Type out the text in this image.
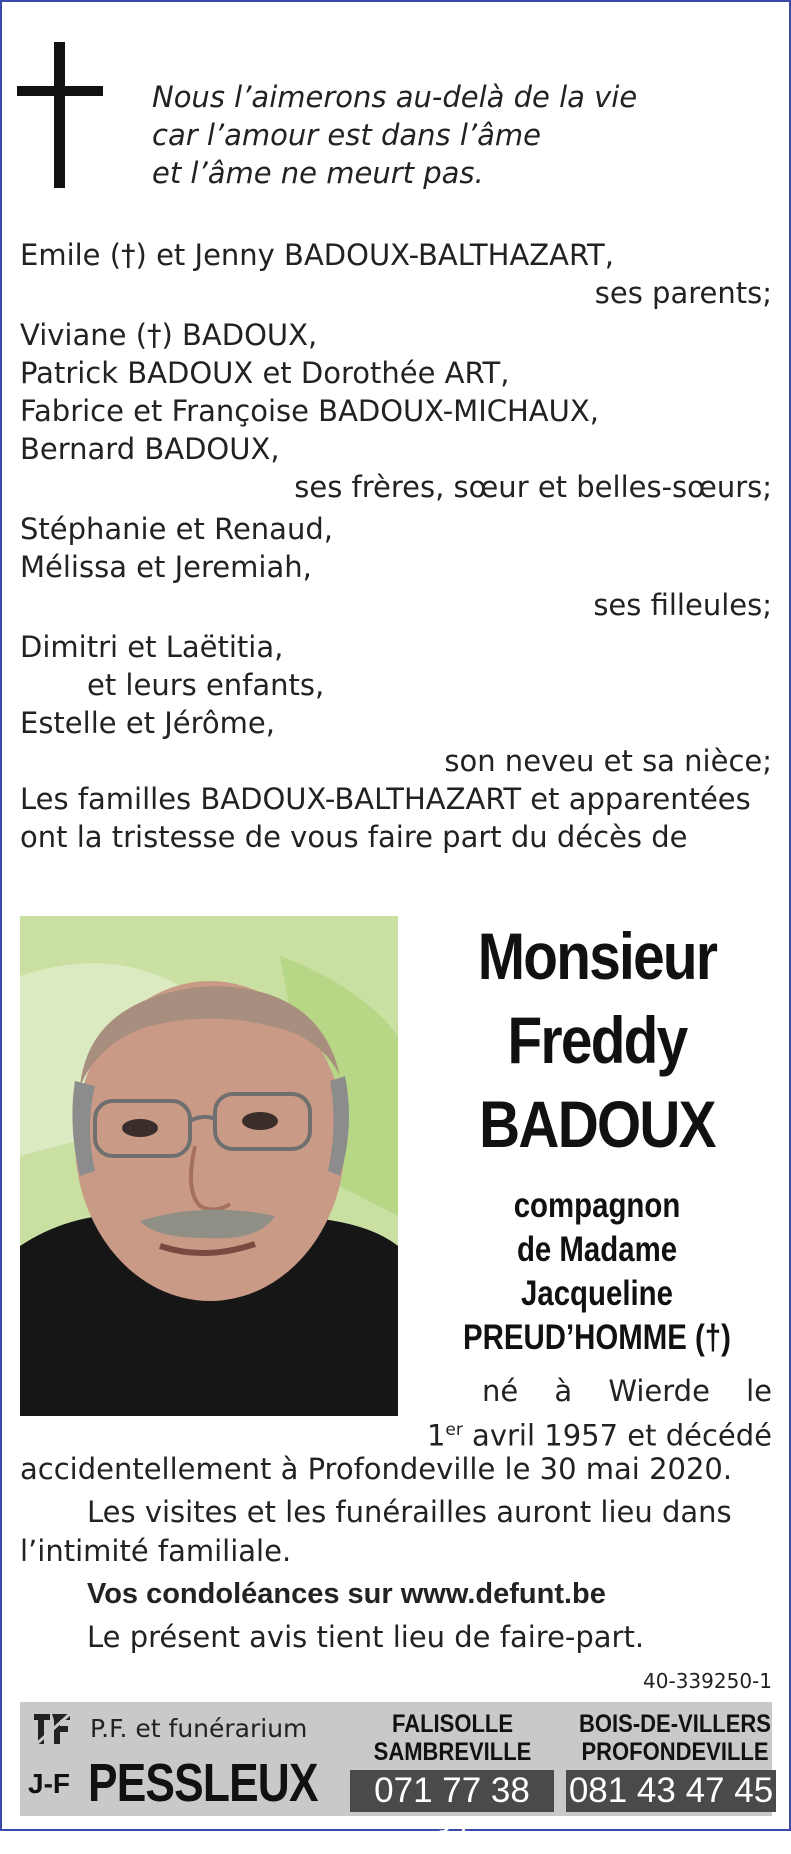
Nous l’aimerons au-delà de la vie
car l’amour est dans l’âme
et l’âme ne meurt pas.
Emile (†) et Jenny BADOUX-BALTHAZART,
ses parents;
Viviane (†) BADOUX,
Patrick BADOUX et Dorothée ART,
Fabrice et Françoise BADOUX-MICHAUX,
Bernard BADOUX,
ses frères, sœur et belles-sœurs;
Stéphanie et Renaud,
Mélissa et Jeremiah,
ses filleules;
Dimitri et Laëtitia,
et leurs enfants,
Estelle et Jérôme,
son neveu et sa nièce;
Les familles BADOUX-BALTHAZART et apparentées
ont la tristesse de vous faire part du décès de
Monsieur
Freddy
BADOUX
compagnon
de Madame
Jacqueline
PREUD’HOMME (†)
né à Wierde le
1er avril 1957 et décédé
accidentellement à Profondeville le 30 mai 2020.
Les visites et les funérailles auront lieu dans
l’intimité familiale.
Vos condoléances sur www.defunt.be
Le présent avis tient lieu de faire-part.
40-339250-1
P.F. et funérarium
J-F PESSLEUX
FALISOLLE
SAMBREVILLE
071 77 38 37
BOIS-DE-VILLERS
PROFONDEVILLE
081 43 47 45
